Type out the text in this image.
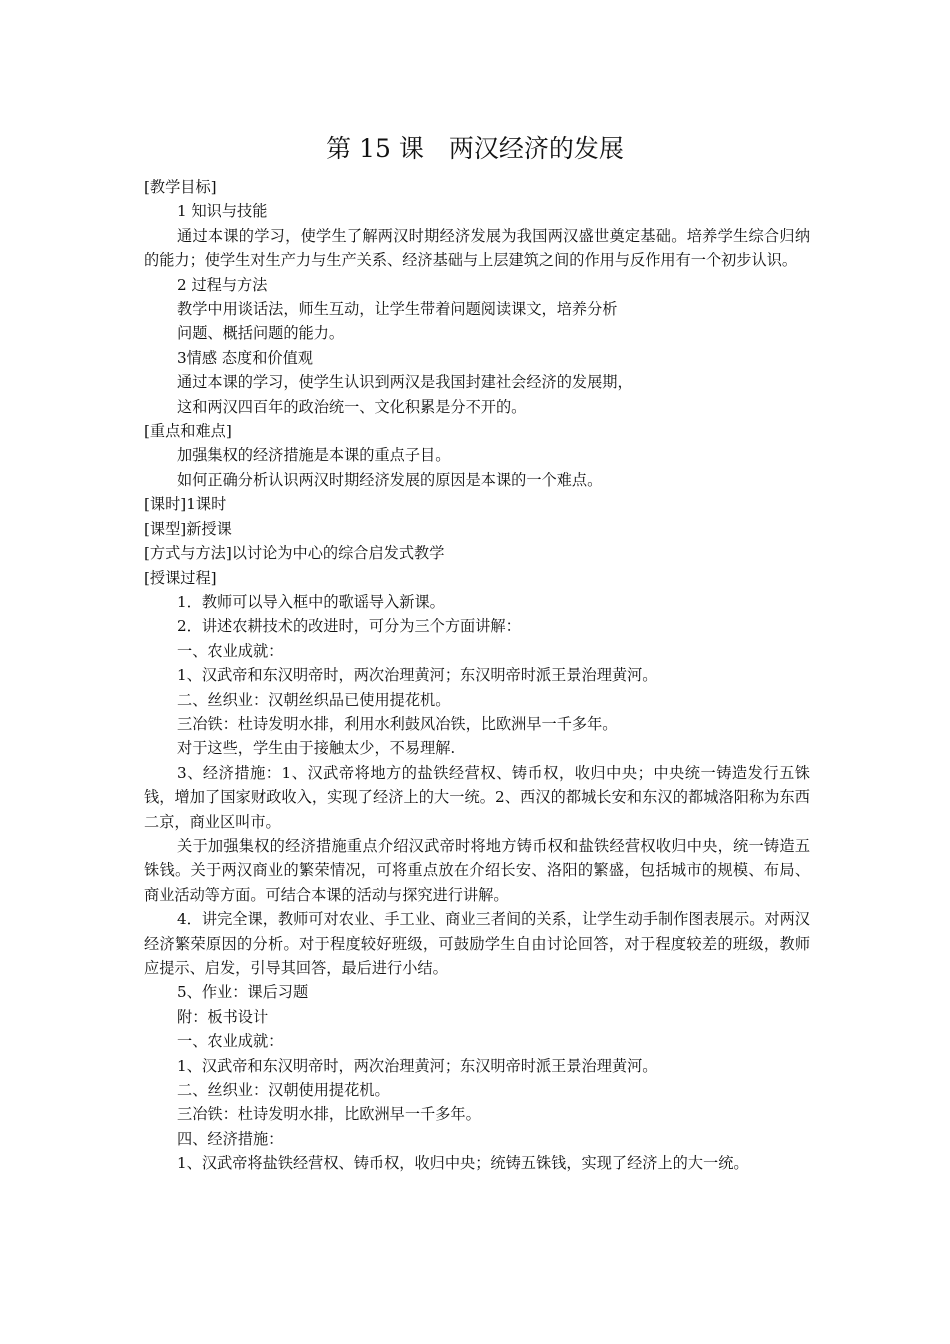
第 15 课　两汉经济的发展

[教学目标]

1 知识与技能

通过本课的学习，使学生了解两汉时期经济发展为我国两汉盛世奠定基础。培养学生综合归纳的能力；使学生对生产力与生产关系、经济基础与上层建筑之间的作用与反作用有一个初步认识。

2 过程与方法

教学中用谈话法，师生互动，让学生带着问题阅读课文，培养分析

问题、概括问题的能力。

3情感 态度和价值观

通过本课的学习，使学生认识到两汉是我国封建社会经济的发展期，

这和两汉四百年的政治统一、文化积累是分不开的。

[重点和难点]

加强集权的经济措施是本课的重点子目。

如何正确分析认识两汉时期经济发展的原因是本课的一个难点。

[课时]1课时

[课型]新授课

[方式与方法]以讨论为中心的综合启发式教学

[授课过程]

1．教师可以导入框中的歌谣导入新课。

2．讲述农耕技术的改进时，可分为三个方面讲解：

一、农业成就：

1、汉武帝和东汉明帝时，两次治理黄河；东汉明帝时派王景治理黄河。

二、丝织业：汉朝丝织品已使用提花机。

三冶铁：杜诗发明水排，利用水利鼓风冶铁，比欧洲早一千多年。

对于这些，学生由于接触太少，不易理解.

3、经济措施：1、汉武帝将地方的盐铁经营权、铸币权，收归中央；中央统一铸造发行五铢钱，增加了国家财政收入，实现了经济上的大一统。2、西汉的都城长安和东汉的都城洛阳称为东西二京，商业区叫市。

关于加强集权的经济措施重点介绍汉武帝时将地方铸币权和盐铁经营权收归中央，统一铸造五铢钱。关于两汉商业的繁荣情况，可将重点放在介绍长安、洛阳的繁盛，包括城市的规模、布局、商业活动等方面。可结合本课的活动与探究进行讲解。

4．讲完全课，教师可对农业、手工业、商业三者间的关系，让学生动手制作图表展示。对两汉经济繁荣原因的分析。对于程度较好班级，可鼓励学生自由讨论回答，对于程度较差的班级，教师应提示、启发，引导其回答，最后进行小结。

5、作业：课后习题

附：板书设计

一、农业成就：

1、汉武帝和东汉明帝时，两次治理黄河；东汉明帝时派王景治理黄河。

二、丝织业：汉朝使用提花机。

三冶铁：杜诗发明水排，比欧洲早一千多年。

四、经济措施：

1、汉武帝将盐铁经营权、铸币权，收归中央；统铸五铢钱，实现了经济上的大一统。
